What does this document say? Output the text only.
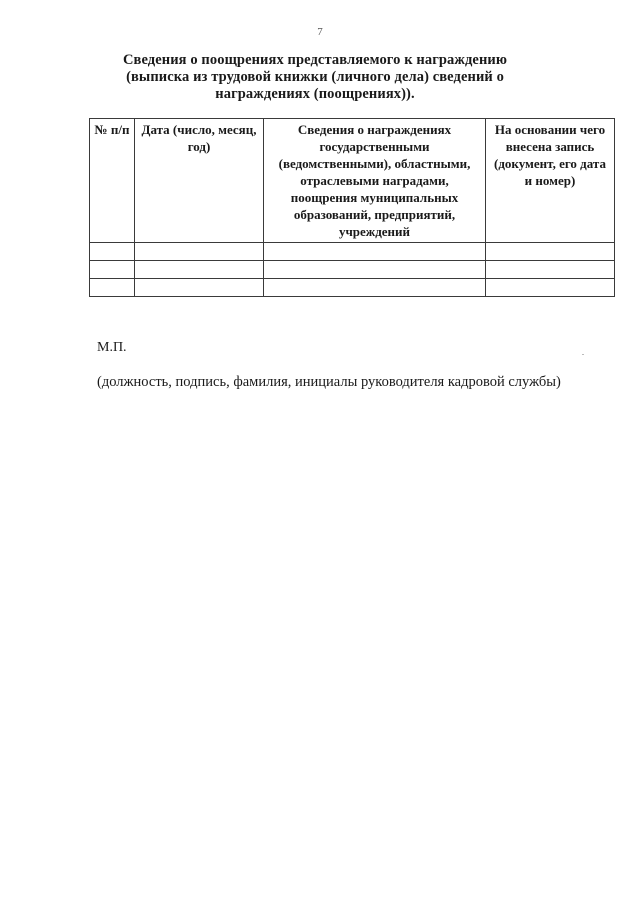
7
Сведения о поощрениях представляемого к награждению (выписка из трудовой книжки (личного дела) сведений о награждениях (поощрениях)).
№ п/п	Дата (число, месяц, год)	Сведения о награждениях государственными (ведомственными), областными, отраслевыми наградами, поощрения муниципальных образований, предприятий, учреждений	На основании чего внесена запись (документ, его дата и номер)

М.П.
(должность, подпись, фамилия, инициалы руководителя кадровой службы)
